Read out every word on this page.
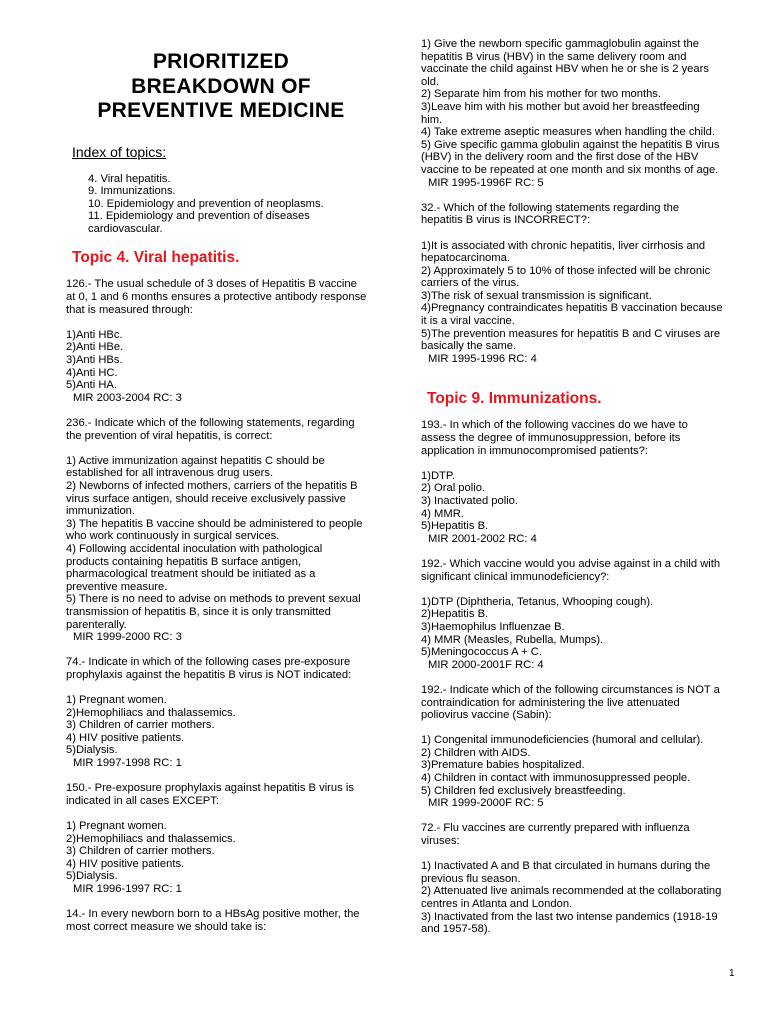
PRIORITIZED
BREAKDOWN OF
PREVENTIVE MEDICINE
Index of topics:
4. Viral hepatitis.
9. Immunizations.
10. Epidemiology and prevention of neoplasms.
11. Epidemiology and prevention of diseases
cardiovascular.
Topic 4. Viral hepatitis.

126.- The usual schedule of 3 doses of Hepatitis B vaccine

at 0, 1 and 6 months ensures a protective antibody response

that is measured through:

1)Anti HBc.

2)Anti HBe.

3)Anti HBs.

4)Anti HC.

5)Anti HA.

MIR 2003-2004 RC: 3

236.- Indicate which of the following statements, regarding

the prevention of viral hepatitis, is correct:

1) Active immunization against hepatitis C should be

established for all intravenous drug users.

2) Newborns of infected mothers, carriers of the hepatitis B

virus surface antigen, should receive exclusively passive

immunization.

3) The hepatitis B vaccine should be administered to people

who work continuously in surgical services.

4) Following accidental inoculation with pathological

products containing hepatitis B surface antigen,

pharmacological treatment should be initiated as a

preventive measure.

5) There is no need to advise on methods to prevent sexual

transmission of hepatitis B, since it is only transmitted

parenterally.

MIR 1999-2000 RC: 3

74.- Indicate in which of the following cases pre-exposure

prophylaxis against the hepatitis B virus is NOT indicated:

1) Pregnant women.

2)Hemophiliacs and thalassemics.

3) Children of carrier mothers.

4) HIV positive patients.

5)Dialysis.

MIR 1997-1998 RC: 1

150.- Pre-exposure prophylaxis against hepatitis B virus is

indicated in all cases EXCEPT:

1) Pregnant women.

2)Hemophiliacs and thalassemics.

3) Children of carrier mothers.

4) HIV positive patients.

5)Dialysis.

MIR 1996-1997 RC: 1

14.- In every newborn born to a HBsAg positive mother, the

most correct measure we should take is:

1) Give the newborn specific gammaglobulin against the

hepatitis B virus (HBV) in the same delivery room and

vaccinate the child against HBV when he or she is 2 years

old.

2) Separate him from his mother for two months.

3)Leave him with his mother but avoid her breastfeeding

him.

4) Take extreme aseptic measures when handling the child.

5) Give specific gamma globulin against the hepatitis B virus

(HBV) in the delivery room and the first dose of the HBV

vaccine to be repeated at one month and six months of age.

MIR 1995-1996F RC: 5

32.- Which of the following statements regarding the

hepatitis B virus is INCORRECT?:

1)It is associated with chronic hepatitis, liver cirrhosis and

hepatocarcinoma.

2) Approximately 5 to 10% of those infected will be chronic

carriers of the virus.

3)The risk of sexual transmission is significant.

4)Pregnancy contraindicates hepatitis B vaccination because

it is a viral vaccine.

5)The prevention measures for hepatitis B and C viruses are

basically the same.

MIR 1995-1996 RC: 4

Topic 9. Immunizations.

193.- In which of the following vaccines do we have to

assess the degree of immunosuppression, before its

application in immunocompromised patients?:

1)DTP.

2) Oral polio.

3) Inactivated polio.

4) MMR.

5)Hepatitis B.

MIR 2001-2002 RC: 4

192.- Which vaccine would you advise against in a child with

significant clinical immunodeficiency?:

1)DTP (Diphtheria, Tetanus, Whooping cough).

2)Hepatitis B.

3)Haemophilus Influenzae B.

4) MMR (Measles, Rubella, Mumps).

5)Meningococcus A + C.

MIR 2000-2001F RC: 4

192.- Indicate which of the following circumstances is NOT a

contraindication for administering the live attenuated

poliovirus vaccine (Sabin):

1) Congenital immunodeficiencies (humoral and cellular).

2) Children with AIDS.

3)Premature babies hospitalized.

4) Children in contact with immunosuppressed people.

5) Children fed exclusively breastfeeding.

MIR 1999-2000F RC: 5

72.- Flu vaccines are currently prepared with influenza

viruses:

1) Inactivated A and B that circulated in humans during the

previous flu season.

2) Attenuated live animals recommended at the collaborating

centres in Atlanta and London.

3) Inactivated from the last two intense pandemics (1918-19

and 1957-58).

1
